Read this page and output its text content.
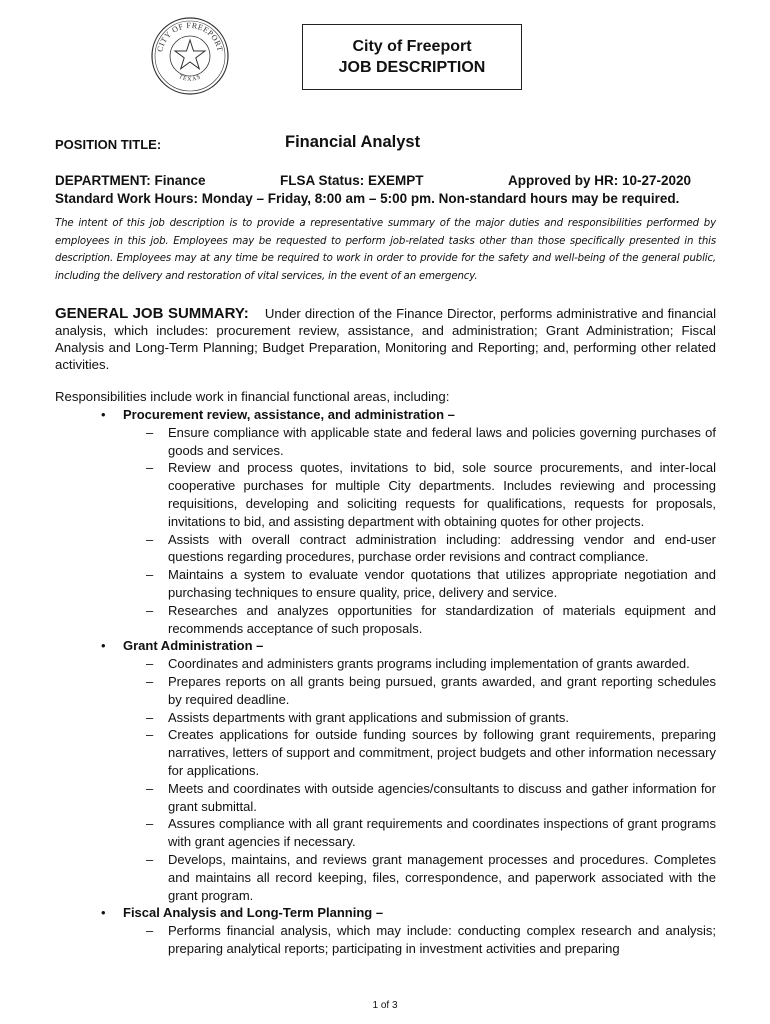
CITY OF FREEPORT
TEXAS
City of Freeport
JOB DESCRIPTION
POSITION TITLE:	Financial Analyst
DEPARTMENT: Finance	FLSA Status: EXEMPT	Approved by HR: 10-27-2020
Standard Work Hours: Monday – Friday, 8:00 am – 5:00 pm. Non-standard hours may be required.
The intent of this job description is to provide a representative summary of the major duties and responsibilities performed by employees in this job. Employees may be requested to perform job-related tasks other than those specifically presented in this description. Employees may at any time be required to work in order to provide for the safety and well-being of the general public, including the delivery and restoration of vital services, in the event of an emergency.
GENERAL JOB SUMMARY: Under direction of the Finance Director, performs administrative and financial analysis, which includes: procurement review, assistance, and administration; Grant Administration; Fiscal Analysis and Long-Term Planning; Budget Preparation, Monitoring and Reporting; and, performing other related activities.
Responsibilities include work in financial functional areas, including:
• Procurement review, assistance, and administration –
– Ensure compliance with applicable state and federal laws and policies governing purchases of goods and services.
– Review and process quotes, invitations to bid, sole source procurements, and inter-local cooperative purchases for multiple City departments. Includes reviewing and processing requisitions, developing and soliciting requests for qualifications, requests for proposals, invitations to bid, and assisting department with obtaining quotes for other projects.
– Assists with overall contract administration including: addressing vendor and end-user questions regarding procedures, purchase order revisions and contract compliance.
– Maintains a system to evaluate vendor quotations that utilizes appropriate negotiation and purchasing techniques to ensure quality, price, delivery and service.
– Researches and analyzes opportunities for standardization of materials equipment and recommends acceptance of such proposals.
• Grant Administration –
– Coordinates and administers grants programs including implementation of grants awarded.
– Prepares reports on all grants being pursued, grants awarded, and grant reporting schedules by required deadline.
– Assists departments with grant applications and submission of grants.
– Creates applications for outside funding sources by following grant requirements, preparing narratives, letters of support and commitment, project budgets and other information necessary for applications.
– Meets and coordinates with outside agencies/consultants to discuss and gather information for grant submittal.
– Assures compliance with all grant requirements and coordinates inspections of grant programs with grant agencies if necessary.
– Develops, maintains, and reviews grant management processes and procedures. Completes and maintains all record keeping, files, correspondence, and paperwork associated with the grant program.
• Fiscal Analysis and Long-Term Planning –
– Performs financial analysis, which may include: conducting complex research and analysis; preparing analytical reports; participating in investment activities and preparing
1 of 3
